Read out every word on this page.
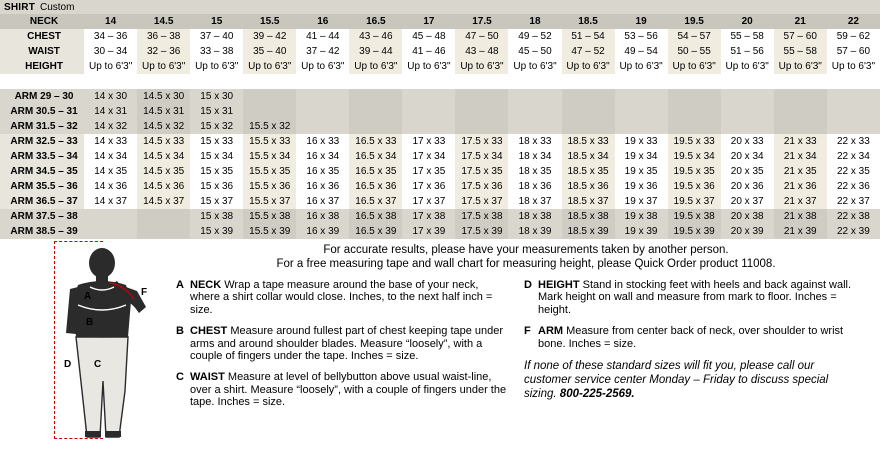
SHIRT Custom
NECK	14	14.5	15	15.5	16	16.5	17	17.5	18	18.5	19	19.5	20	21	22
CHEST	34 – 36	36 – 38	37 – 40	39 – 42	41 – 44	43 – 46	45 – 48	47 – 50	49 – 52	51 – 54	53 – 56	54 – 57	55 – 58	57 – 60	59 – 62
WAIST	30 – 34	32 – 36	33 – 38	35 – 40	37 – 42	39 – 44	41 – 46	43 – 48	45 – 50	47 – 52	49 – 54	50 – 55	51 – 56	55 – 58	57 – 60
HEIGHT	Up to 6'3"	Up to 6'3"	Up to 6'3"	Up to 6'3"	Up to 6'3"	Up to 6'3"	Up to 6'3"	Up to 6'3"	Up to 6'3"	Up to 6'3"	Up to 6'3"	Up to 6'3"	Up to 6'3"	Up to 6'3"	Up to 6'3"

ARM 29 – 30	14 x 30	14.5 x 30	15 x 30												
ARM 30.5 – 31	14 x 31	14.5 x 31	15 x 31												
ARM 31.5 – 32	14 x 32	14.5 x 32	15 x 32	15.5 x 32											
ARM 32.5 – 33	14 x 33	14.5 x 33	15 x 33	15.5 x 33	16 x 33	16.5 x 33	17 x 33	17.5 x 33	18 x 33	18.5 x 33	19 x 33	19.5 x 33	20 x 33	21 x 33	22 x 33
ARM 33.5 – 34	14 x 34	14.5 x 34	15 x 34	15.5 x 34	16 x 34	16.5 x 34	17 x 34	17.5 x 34	18 x 34	18.5 x 34	19 x 34	19.5 x 34	20 x 34	21 x 34	22 x 34
ARM 34.5 – 35	14 x 35	14.5 x 35	15 x 35	15.5 x 35	16 x 35	16.5 x 35	17 x 35	17.5 x 35	18 x 35	18.5 x 35	19 x 35	19.5 x 35	20 x 35	21 x 35	22 x 35
ARM 35.5 – 36	14 x 36	14.5 x 36	15 x 36	15.5 x 36	16 x 36	16.5 x 36	17 x 36	17.5 x 36	18 x 36	18.5 x 36	19 x 36	19.5 x 36	20 x 36	21 x 36	22 x 36
ARM 36.5 – 37	14 x 37	14.5 x 37	15 x 37	15.5 x 37	16 x 37	16.5 x 37	17 x 37	17.5 x 37	18 x 37	18.5 x 37	19 x 37	19.5 x 37	20 x 37	21 x 37	22 x 37
ARM 37.5 – 38			15 x 38	15.5 x 38	16 x 38	16.5 x 38	17 x 38	17.5 x 38	18 x 38	18.5 x 38	19 x 38	19.5 x 38	20 x 38	21 x 38	22 x 38
ARM 38.5 – 39			15 x 39	15.5 x 39	16 x 39	16.5 x 39	17 x 39	17.5 x 39	18 x 39	18.5 x 39	19 x 39	19.5 x 39	20 x 39	21 x 39	22 x 39
A	F
B
D C
For accurate results, please have your measurements taken by another person.
For a free measuring tape and wall chart for measuring height, please Quick Order product 11008.
A NECK Wrap a tape measure around the base of your neck, where a shirt collar would close. Inches, to the next half inch = size.
B CHEST Measure around fullest part of chest keeping tape under arms and around shoulder blades. Measure “loosely”, with a couple of fingers under the tape. Inches = size.
C WAIST Measure at level of bellybutton above usual waist-line, over a shirt. Measure “loosely”, with a couple of fingers under the tape. Inches = size.
D HEIGHT Stand in stocking feet with heels and back against wall. Mark height on wall and measure from mark to floor. Inches = height.
F ARM Measure from center back of neck, over shoulder to wrist bone. Inches = size.
If none of these standard sizes will fit you, please call our customer service center Monday – Friday to discuss special sizing. 800-225-2569.
